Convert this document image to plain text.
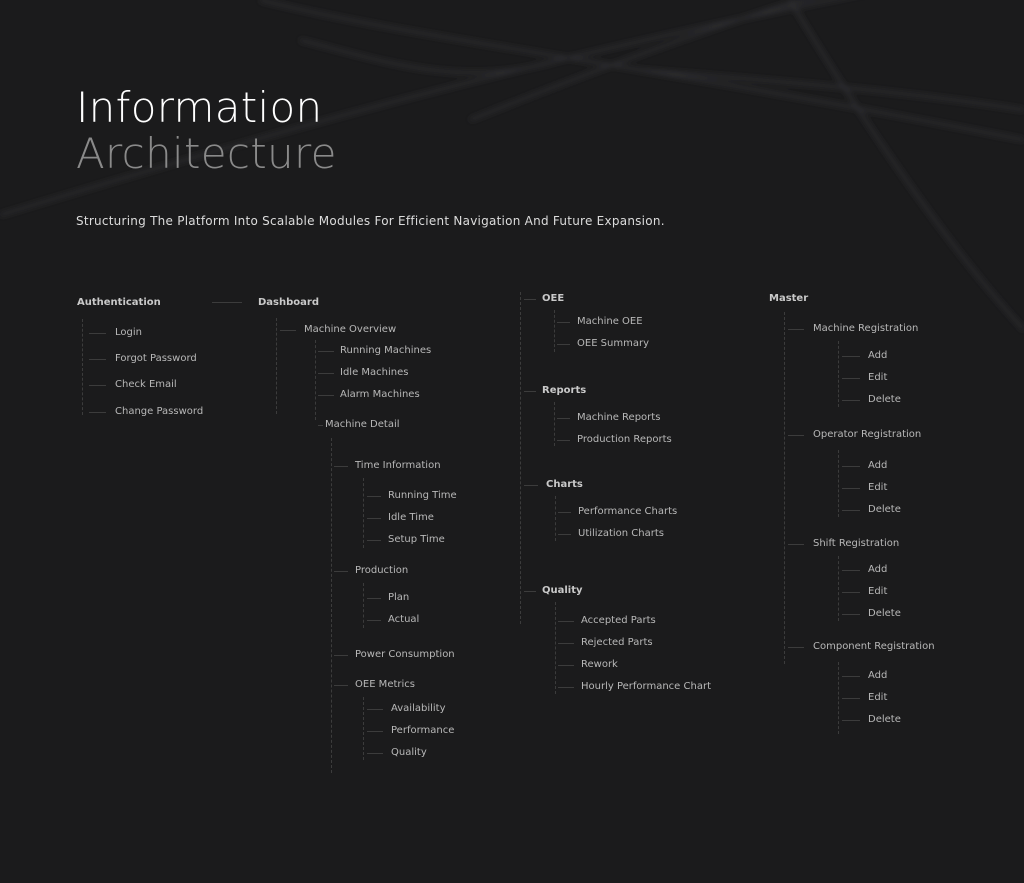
Information
Architecture

Structuring The Platform Into Scalable Modules For Efficient Navigation And Future Expansion.

Authentication
Login
Forgot Password
Check Email
Change Password
Dashboard
Machine Overview
Running Machines
Idle Machines
Alarm Machines
Machine Detail
Time Information
Running Time
Idle Time
Setup Time
Production
Plan
Actual
Power Consumption
OEE Metrics
Availability
Performance
Quality
OEE
Machine OEE
OEE Summary
Reports
Machine Reports
Production Reports
Charts
Performance Charts
Utilization Charts
Quality
Accepted Parts
Rejected Parts
Rework
Hourly Performance Chart
Master
Machine Registration
Add
Edit
Delete
Operator Registration
Add
Edit
Delete
Shift Registration
Add
Edit
Delete
Component Registration
Add
Edit
Delete
